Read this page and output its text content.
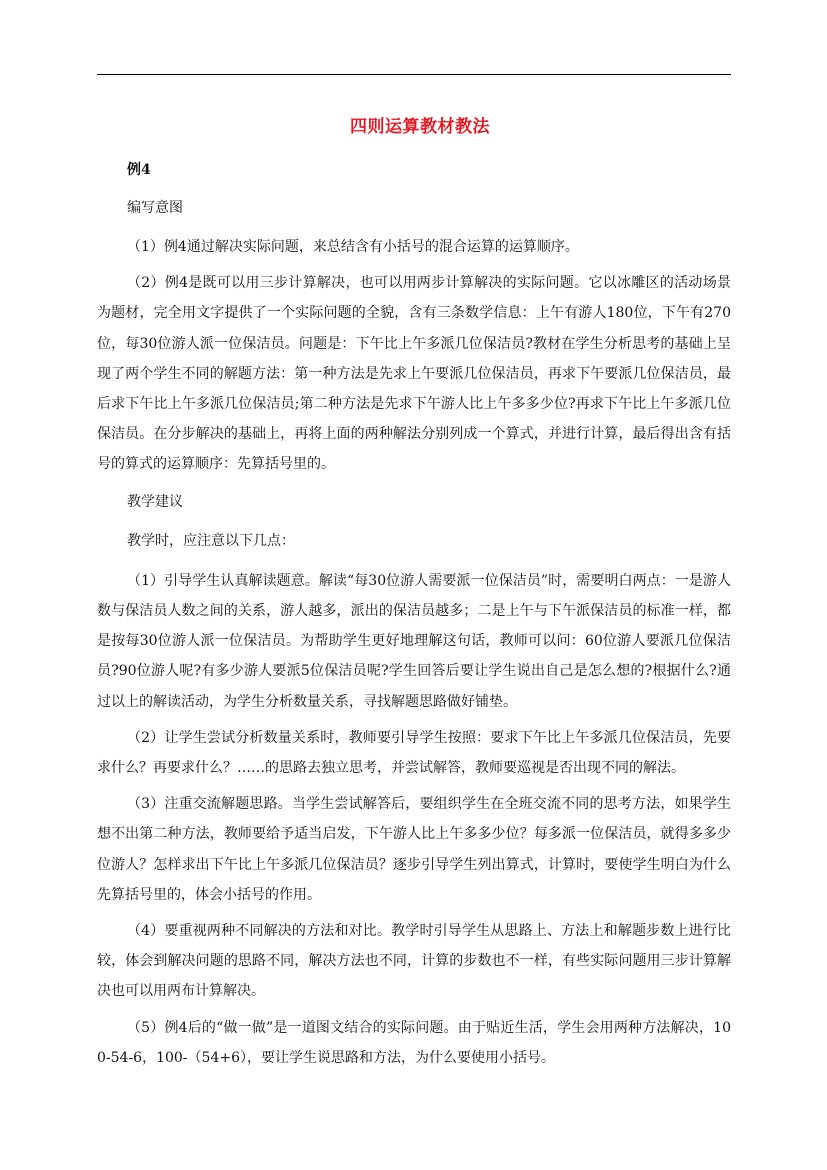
四则运算教材教法
例4
编写意图

（1）例4通过解决实际问题，来总结含有小括号的混合运算的运算顺序。

（2）例4是既可以用三步计算解决，也可以用两步计算解决的实际问题。它以冰雕区的活动场景为题材，完全用文字提供了一个实际问题的全貌，含有三条数学信息：上午有游人180位，下午有270位，每30位游人派一位保洁员。问题是：下午比上午多派几位保洁员?教材在学生分析思考的基础上呈现了两个学生不同的解题方法：第一种方法是先求上午要派几位保洁员，再求下午要派几位保洁员，最后求下午比上午多派几位保洁员;第二种方法是先求下午游人比上午多多少位?再求下午比上午多派几位保洁员。在分步解决的基础上，再将上面的两种解法分别列成一个算式，并进行计算，最后得出含有括号的算式的运算顺序：先算括号里的。

教学建议

教学时，应注意以下几点：

（1）引导学生认真解读题意。解读“每30位游人需要派一位保洁员”时，需要明白两点：一是游人数与保洁员人数之间的关系，游人越多，派出的保洁员越多；二是上午与下午派保洁员的标准一样，都是按每30位游人派一位保洁员。为帮助学生更好地理解这句话，教师可以问：60位游人要派几位保洁员?90位游人呢?有多少游人要派5位保洁员呢?学生回答后要让学生说出自己是怎么想的?根据什么?通过以上的解读活动，为学生分析数量关系，寻找解题思路做好铺垫。

（2）让学生尝试分析数量关系时，教师要引导学生按照：要求下午比上午多派几位保洁员，先要求什么？再要求什么？……的思路去独立思考，并尝试解答，教师要巡视是否出现不同的解法。

（3）注重交流解题思路。当学生尝试解答后，要组织学生在全班交流不同的思考方法，如果学生想不出第二种方法，教师要给予适当启发，下午游人比上午多多少位？每多派一位保洁员，就得多多少位游人？怎样求出下午比上午多派几位保洁员？逐步引导学生列出算式，计算时，要使学生明白为什么先算括号里的，体会小括号的作用。

（4）要重视两种不同解决的方法和对比。教学时引导学生从思路上、方法上和解题步数上进行比较，体会到解决问题的思路不同，解决方法也不同，计算的步数也不一样，有些实际问题用三步计算解决也可以用两布计算解决。

（5）例4后的“做一做”是一道图文结合的实际问题。由于贴近生活，学生会用两种方法解决，100-54-6，100-（54+6），要让学生说思路和方法，为什么要使用小括号。
